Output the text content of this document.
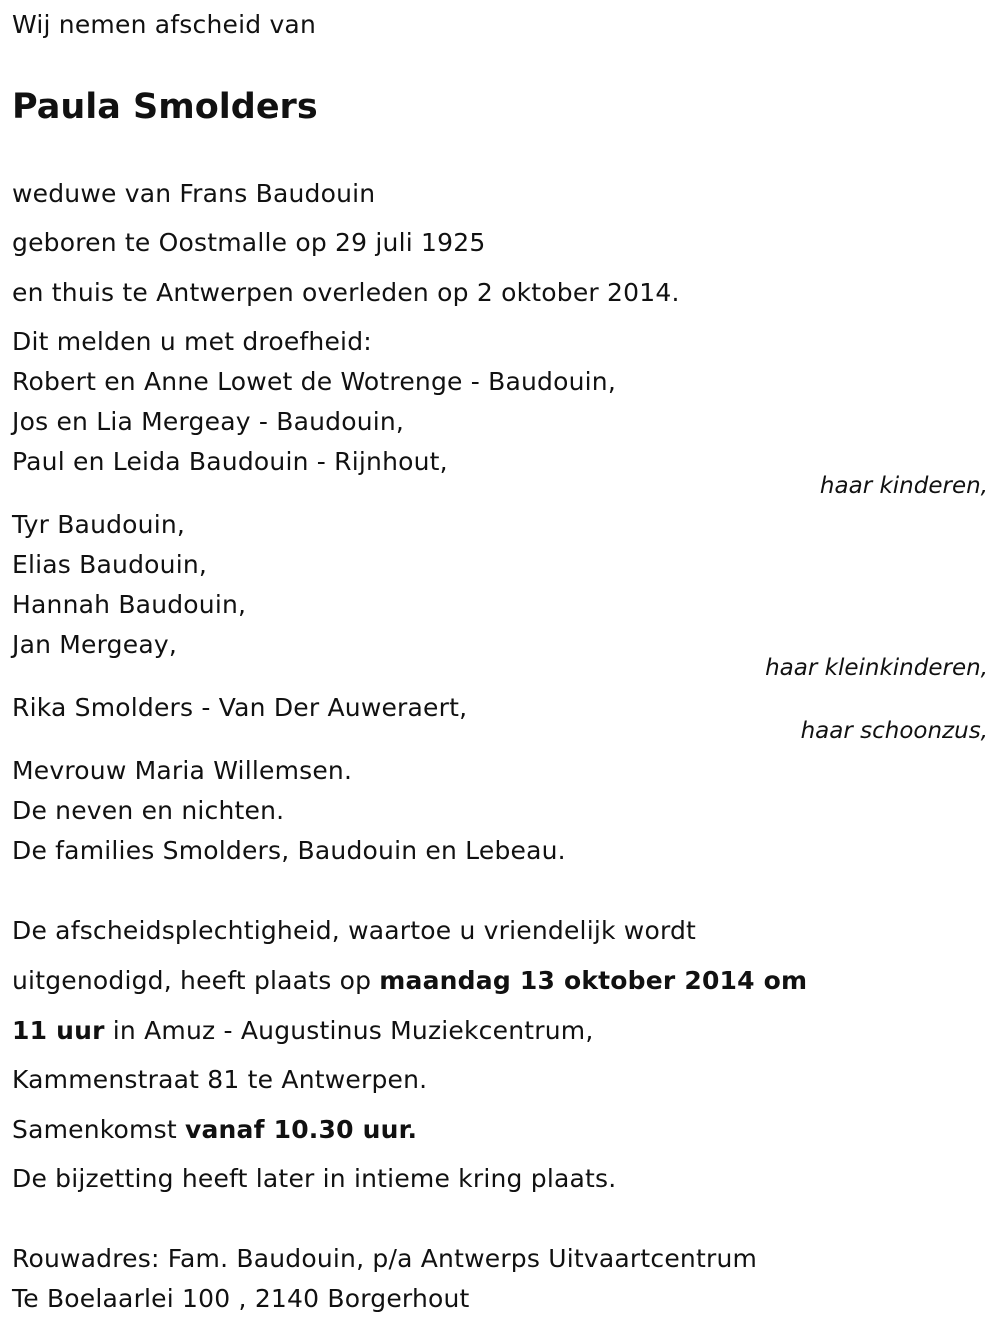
Wij nemen afscheid van
Paula Smolders
weduwe van Frans Baudouin
geboren te Oostmalle op 29 juli 1925
en thuis te Antwerpen overleden op 2 oktober 2014.
Dit melden u met droefheid:
Robert en Anne Lowet de Wotrenge - Baudouin,
Jos en Lia Mergeay - Baudouin,
Paul en Leida Baudouin - Rijnhout,
haar kinderen,
Tyr Baudouin,
Elias Baudouin,
Hannah Baudouin,
Jan Mergeay,
haar kleinkinderen,
Rika Smolders - Van Der Auweraert,
haar schoonzus,
Mevrouw Maria Willemsen.
De neven en nichten.
De families Smolders, Baudouin en Lebeau.
De afscheidsplechtigheid, waartoe u vriendelijk wordt
uitgenodigd, heeft plaats op maandag 13 oktober 2014 om
11 uur in Amuz - Augustinus Muziekcentrum,
Kammenstraat 81 te Antwerpen.
Samenkomst vanaf 10.30 uur.
De bijzetting heeft later in intieme kring plaats.
Rouwadres: Fam. Baudouin, p/a Antwerps Uitvaartcentrum
Te Boelaarlei 100 , 2140 Borgerhout
